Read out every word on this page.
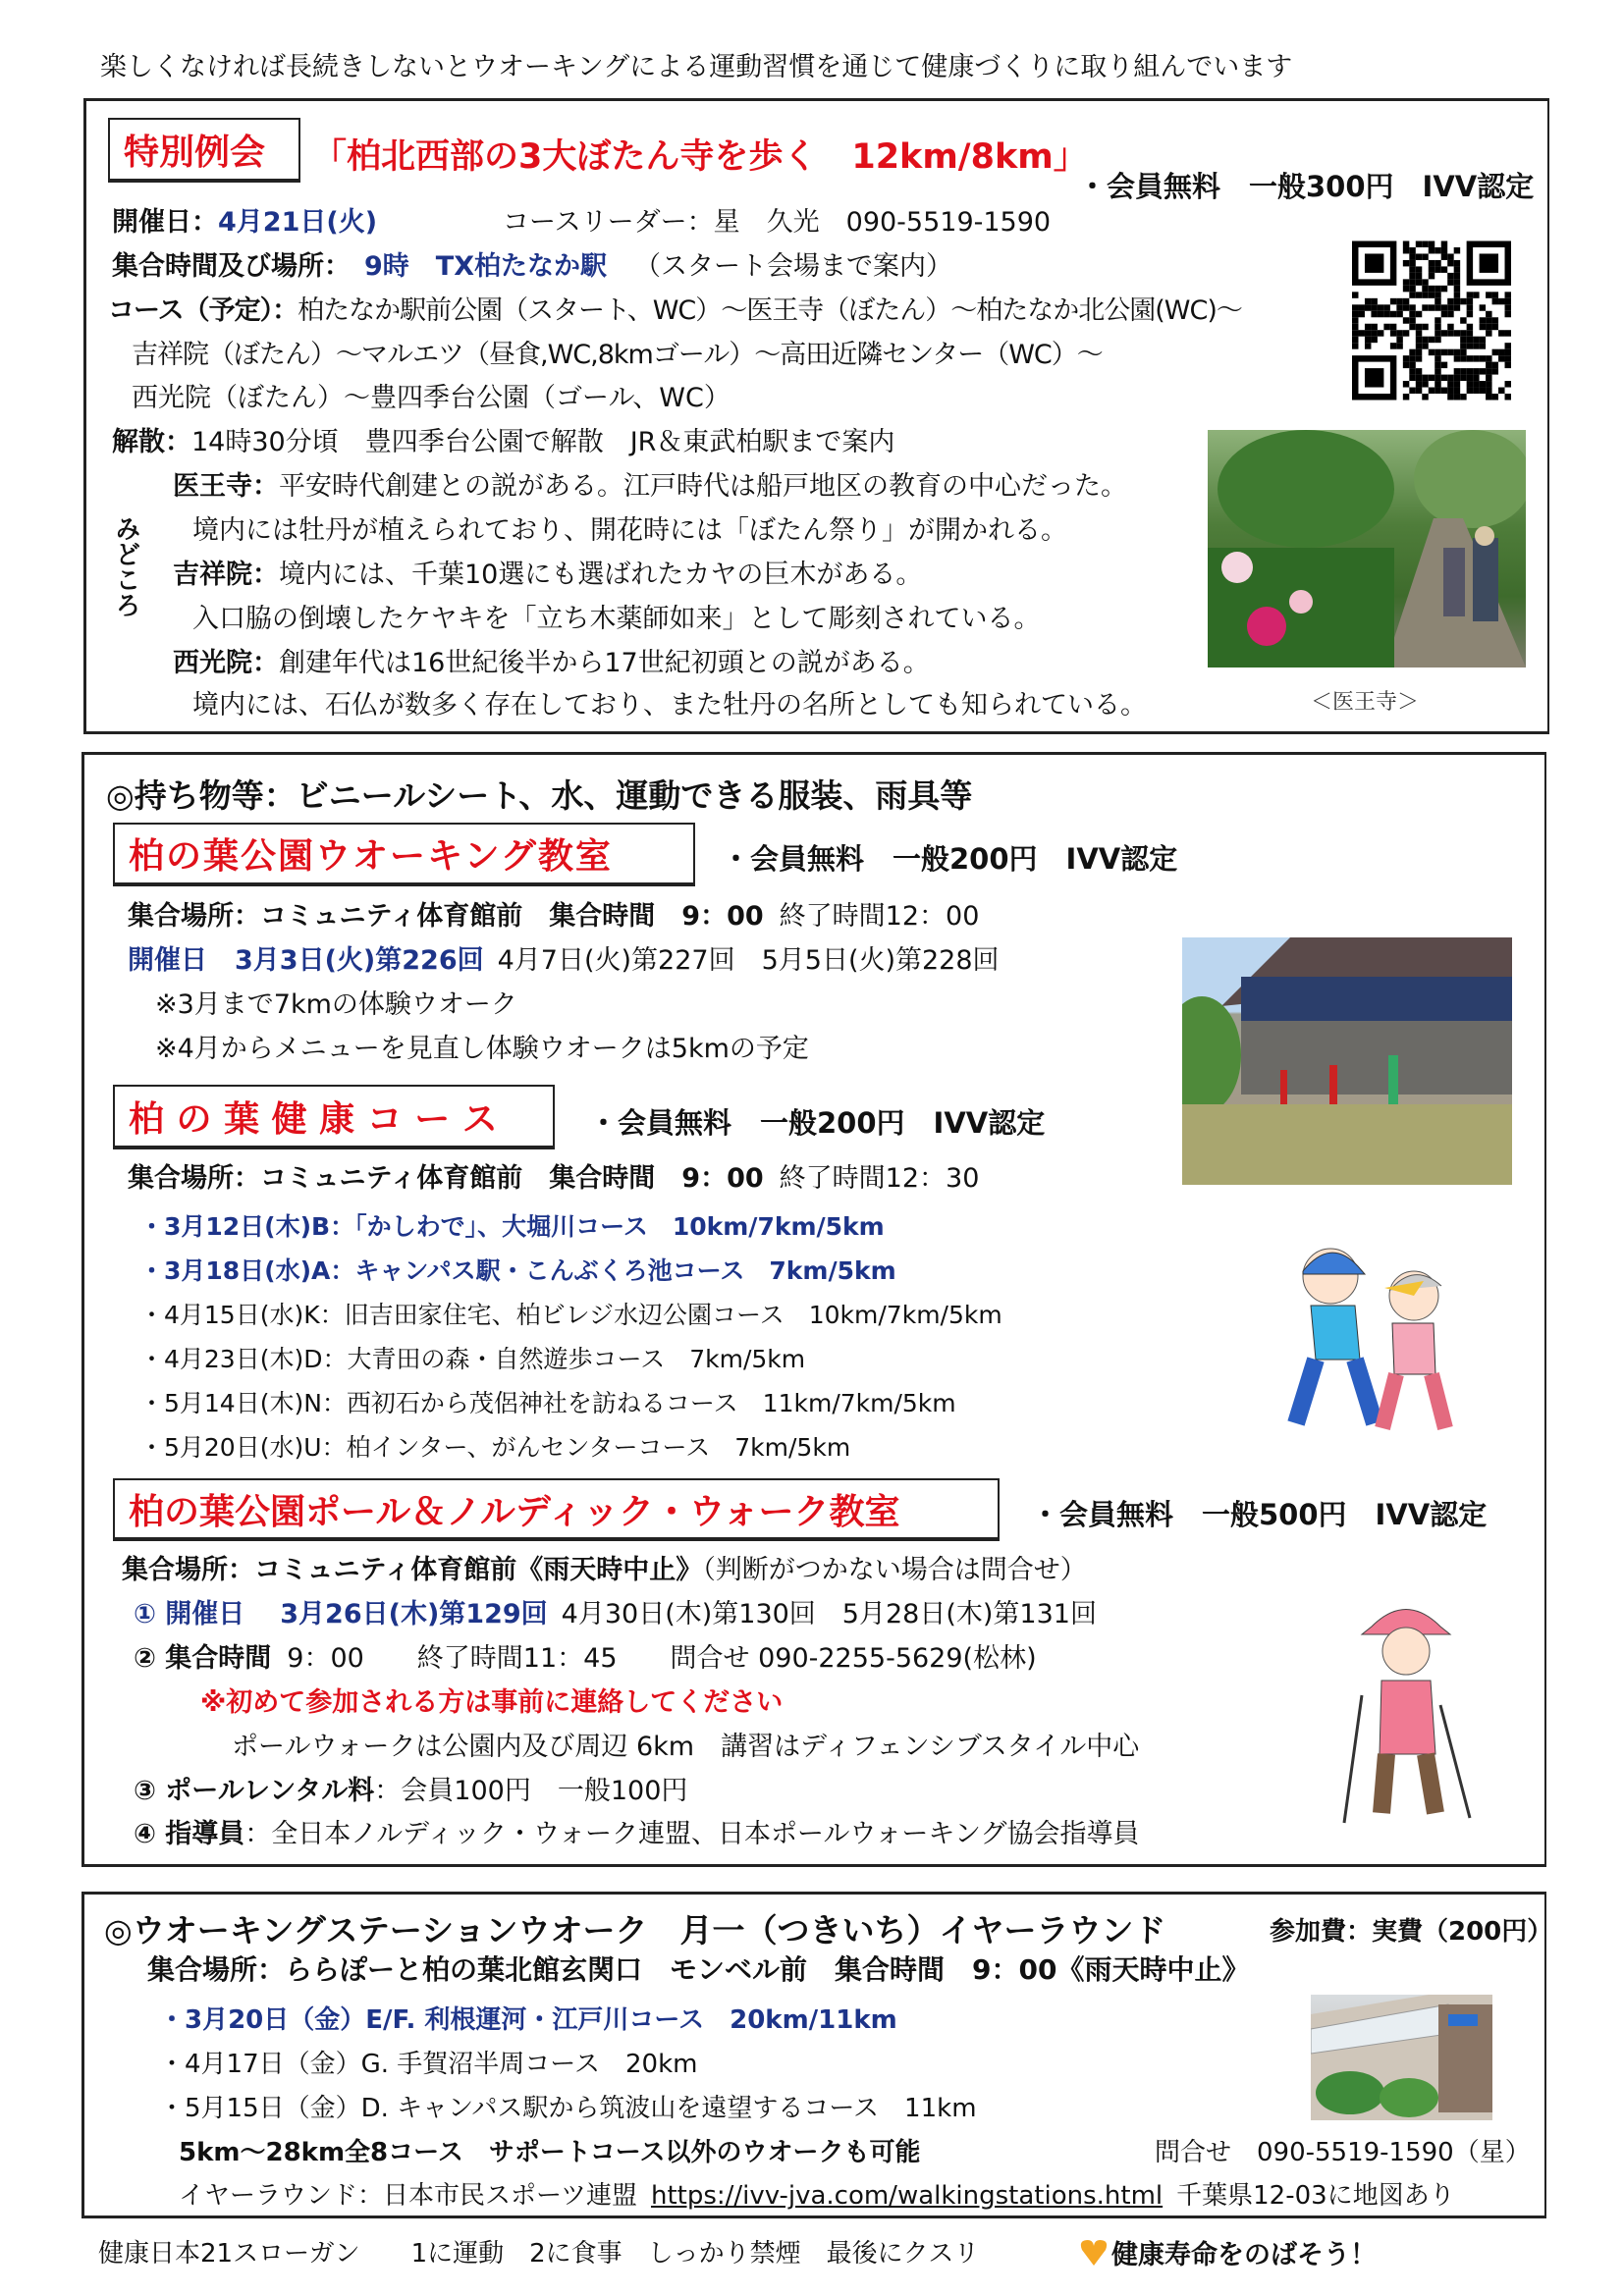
楽しくなければ長続きしないとウオーキングによる運動習慣を通じて健康づくりに取り組んでいます
特別例会	「柏北西部の3大ぼたん寺を歩く　12km/8km」
・会員無料　一般300円　IVV認定
開催日：4月21日(火)	コースリーダー：星　久光　090-5519-1590
集合時間及び場所： 9時　TX柏たなか駅 （スタート会場まで案内）
コース（予定）：柏たなか駅前公園（スタート、WC）～医王寺（ぼたん）～柏たなか北公園(WC)～
吉祥院（ぼたん）～マルエツ（昼食,WC,8kmゴール）～高田近隣センター（WC）～
西光院（ぼたん）～豊四季台公園（ゴール、WC）
解散：14時30分頃　豊四季台公園で解散　JR＆東武柏駅まで案内
みどころ
医王寺：平安時代創建との説がある。江戸時代は船戸地区の教育の中心だった。
境内には牡丹が植えられており、開花時には「ぼたん祭り」が開かれる。
吉祥院：境内には、千葉10選にも選ばれたカヤの巨木がある。
入口脇の倒壊したケヤキを「立ち木薬師如来」として彫刻されている。
西光院：創建年代は16世紀後半から17世紀初頭との説がある。
境内には、石仏が数多く存在しており、また牡丹の名所としても知られている。	＜医王寺＞
◎持ち物等：ビニールシート、水、運動できる服装、雨具等
柏の葉公園ウオーキング教室	・会員無料　一般200円　IVV認定
集合場所：コミュニティ体育館前　集合時間　9：00 終了時間12：00
開催日 3月3日(火)第226回 4月7日(火)第227回　5月5日(火)第228回
※3月まで7kmの体験ウオーク
※4月からメニューを見直し体験ウオークは5kmの予定
柏 の 葉 健 康 コ ー ス	・会員無料　一般200円　IVV認定
集合場所：コミュニティ体育館前　集合時間　9：00 終了時間12：30
・3月12日(木)B：「かしわで」、大堀川コース　10km/7km/5km
・3月18日(水)A：キャンパス駅・こんぶくろ池コース　7km/5km
・4月15日(水)K：旧吉田家住宅、柏ビレジ水辺公園コース　10km/7km/5km
・4月23日(木)D：大青田の森・自然遊歩コース　7km/5km
・5月14日(木)N：西初石から茂侶神社を訪ねるコース　11km/7km/5km
・5月20日(水)U：柏インター、がんセンターコース　7km/5km
柏の葉公園ポール＆ノルディック・ウォーク教室	・会員無料　一般500円　IVV認定
集合場所：コミュニティ体育館前《雨天時中止》（判断がつかない場合は問合せ）
① 開催日 3月26日(木)第129回 4月30日(木)第130回　5月28日(木)第131回
② 集合時間 9：00　　終了時間11：45　　問合せ 090-2255-5629(松林)
※初めて参加される方は事前に連絡してください
ポールウォークは公園内及び周辺 6km　講習はディフェンシブスタイル中心
③ ポールレンタル料：会員100円　一般100円
④ 指導員：全日本ノルディック・ウォーク連盟、日本ポールウォーキング協会指導員
◎ウオーキングステーションウオーク　月一（つきいち）イヤーラウンド	参加費：実費（200円）
集合場所：ららぽーと柏の葉北館玄関口　モンベル前　集合時間　9：00《雨天時中止》
・3月20日（金）E/F. 利根運河・江戸川コース　20km/11km
・4月17日（金）G. 手賀沼半周コース　20km
・5月15日（金）D. キャンパス駅から筑波山を遠望するコース　11km
5km～28km全8コース　サポートコース以外のウオークも可能	問合せ　090-5519-1590（星）
イヤーラウンド：日本市民スポーツ連盟 https://ivv-jva.com/walkingstations.html 千葉県12-03に地図あり
健康日本21スローガン　　1に運動　2に食事　しっかり禁煙　最後にクスリ	健康寿命をのばそう！
